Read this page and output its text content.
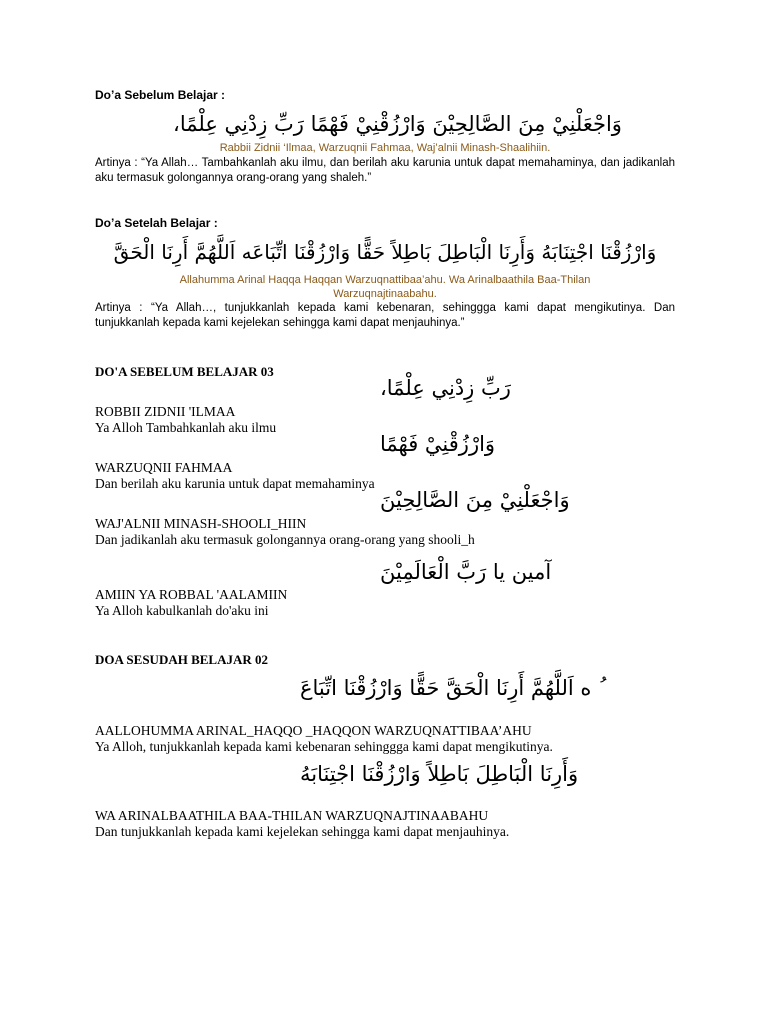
Do’a Sebelum Belajar :
وَاجْعَلْنِيْ مِنَ الصَّالِحِيْنَ وَارْزُقْنِيْ فَهْمًا رَبِّ زِدْنِي عِلْمًا،
Rabbii Zidnii ‘Ilmaa, Warzuqnii Fahmaa, Waj’alnii Minash-Shaalihiin.
Artinya : “Ya Allah… Tambahkanlah aku ilmu, dan berilah aku karunia untuk dapat memahaminya, dan jadikanlah aku termasuk golongannya orang-orang yang shaleh.”
Do’a Setelah Belajar :
وَارْزُقْنَا اجْتِنَابَهُ وَأَرِنَا الْبَاطِلَ بَاطِلاً حَقًّا وَارْزُقْنَا اتِّبَاعَه اَللَّهُمَّ أَرِنَا الْحَقَّ
Allahumma Arinal Haqqa Haqqan Warzuqnattibaa’ahu. Wa Arinalbaathila Baa-Thilan
Warzuqnajtinaabahu.
Artinya : “Ya Allah…, tunjukkanlah kepada kami kebenaran, sehinggga kami dapat mengikutinya. Dan tunjukkanlah kepada kami kejelekan sehingga kami dapat menjauhinya.”
DO'A SEBELUM BELAJAR 03
رَبِّ زِدْنِي عِلْمًا،
ROBBII ZIDNII 'ILMAA
Ya Alloh Tambahkanlah aku ilmu
وَارْزُقْنِيْ فَهْمًا
WARZUQNII FAHMAA
Dan berilah aku karunia untuk dapat memahaminya
وَاجْعَلْنِيْ مِنَ الصَّالِحِيْنَ
WAJ'ALNII MINASH-SHOOLI_HIIN
Dan jadikanlah aku termasuk golongannya orang-orang yang shooli_h
آمين يا رَبَّ الْعَالَمِيْنَ
AMIIN YA ROBBAL 'AALAMIIN
Ya Alloh kabulkanlah do'aku ini
DOA SESUDAH BELAJAR 02
ُ ه اَللَّهُمَّ أَرِنَا الْحَقَّ حَقًّا وَارْزُقْنَا اتِّبَاعَ
AALLOHUMMA ARINAL_HAQQO _HAQQON WARZUQNATTIBAA’AHU
Ya Alloh, tunjukkanlah kepada kami kebenaran sehinggga kami dapat mengikutinya.
وَأَرِنَا الْبَاطِلَ بَاطِلاً وَارْزُقْنَا اجْتِنَابَهُ
WA ARINALBAATHILA BAA-THILAN WARZUQNAJTINAABAHU
Dan tunjukkanlah kepada kami kejelekan sehingga kami dapat menjauhinya.
